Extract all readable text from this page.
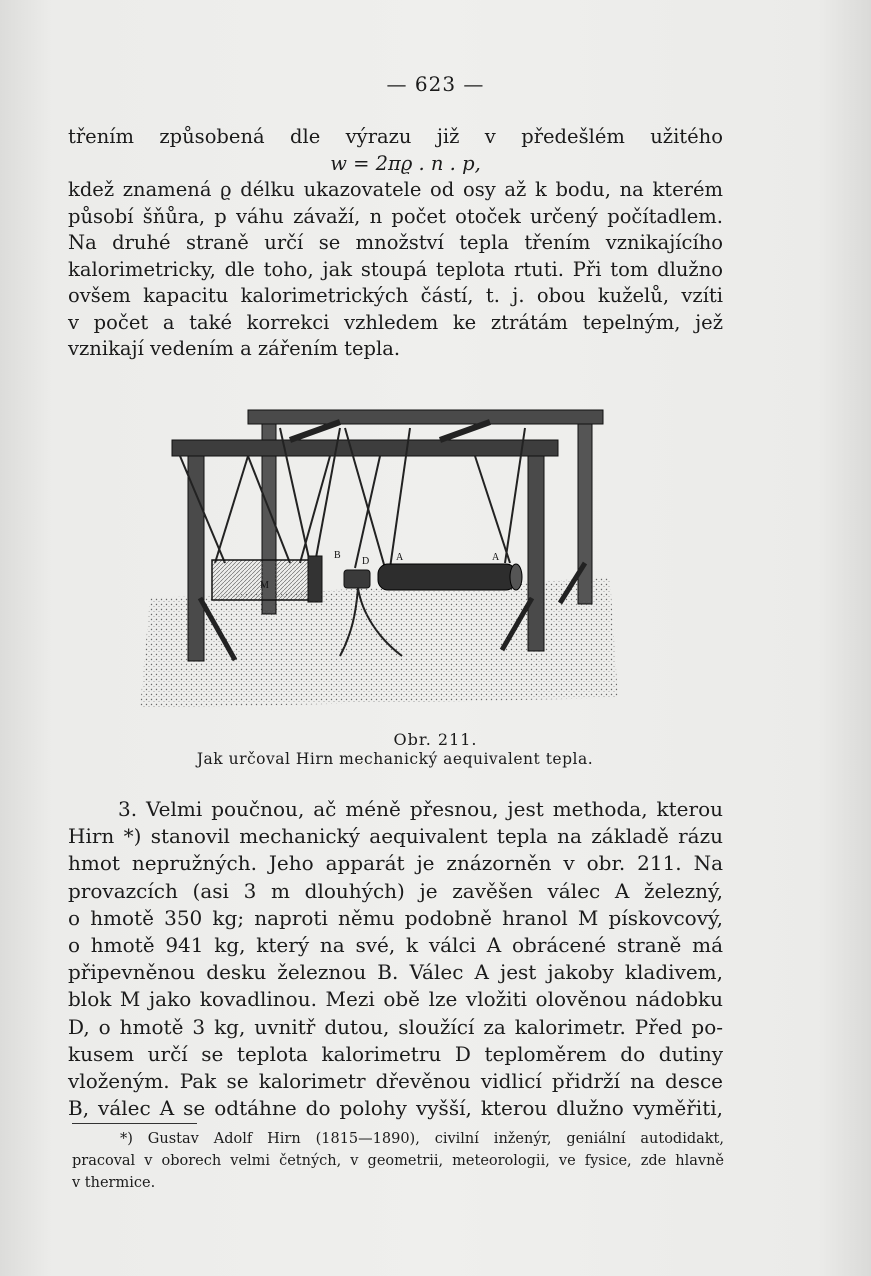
— 623 —
třením způsobená dle výrazu již v předešlém užitého
w = 2πϱ . n . p,
kdež znamená ϱ délku ukazovatele od osy až k bodu, na kterém
působí šňůra, p váhu závaží, n počet otoček určený počítadlem.
Na druhé straně určí se množství tepla třením vznikajícího
kalorimetricky, dle toho, jak stoupá teplota rtuti. Při tom dlužno
ovšem kapacitu kalorimetrických částí, t. j. obou kuželů, vzíti
v počet a také korrekci vzhledem ke ztrátám tepelným, jež
vznikají vedením a zářením tepla.
M
B
D	A	A
Obr. 211.
Jak určoval Hirn mechanický aequivalent tepla.
3. Velmi poučnou, ač méně přesnou, jest methoda, kterou
Hirn *) stanovil mechanický aequivalent tepla na základě rázu
hmot nepružných. Jeho apparát je znázorněn v obr. 211. Na
provazcích (asi 3 m dlouhých) je zavěšen válec A železný,
o hmotě 350 kg; naproti němu podobně hranol M pískovcový,
o hmotě 941 kg, který na své, k válci A obrácené straně má
připevněnou desku železnou B. Válec A jest jakoby kladivem,
blok M jako kovadlinou. Mezi obě lze vložiti olověnou nádobku
D, o hmotě 3 kg, uvnitř dutou, sloužící za kalorimetr. Před po-
kusem určí se teplota kalorimetru D teploměrem do dutiny
vloženým. Pak se kalorimetr dřevěnou vidlicí přidrží na desce
B, válec A se odtáhne do polohy vyšší, kterou dlužno vyměřiti,
*) Gustav Adolf Hirn (1815—1890), civilní inženýr, geniální autodidakt,
pracoval v oborech velmi četných, v geometrii, meteorologii, ve fysice, zde hlavně
v thermice.
